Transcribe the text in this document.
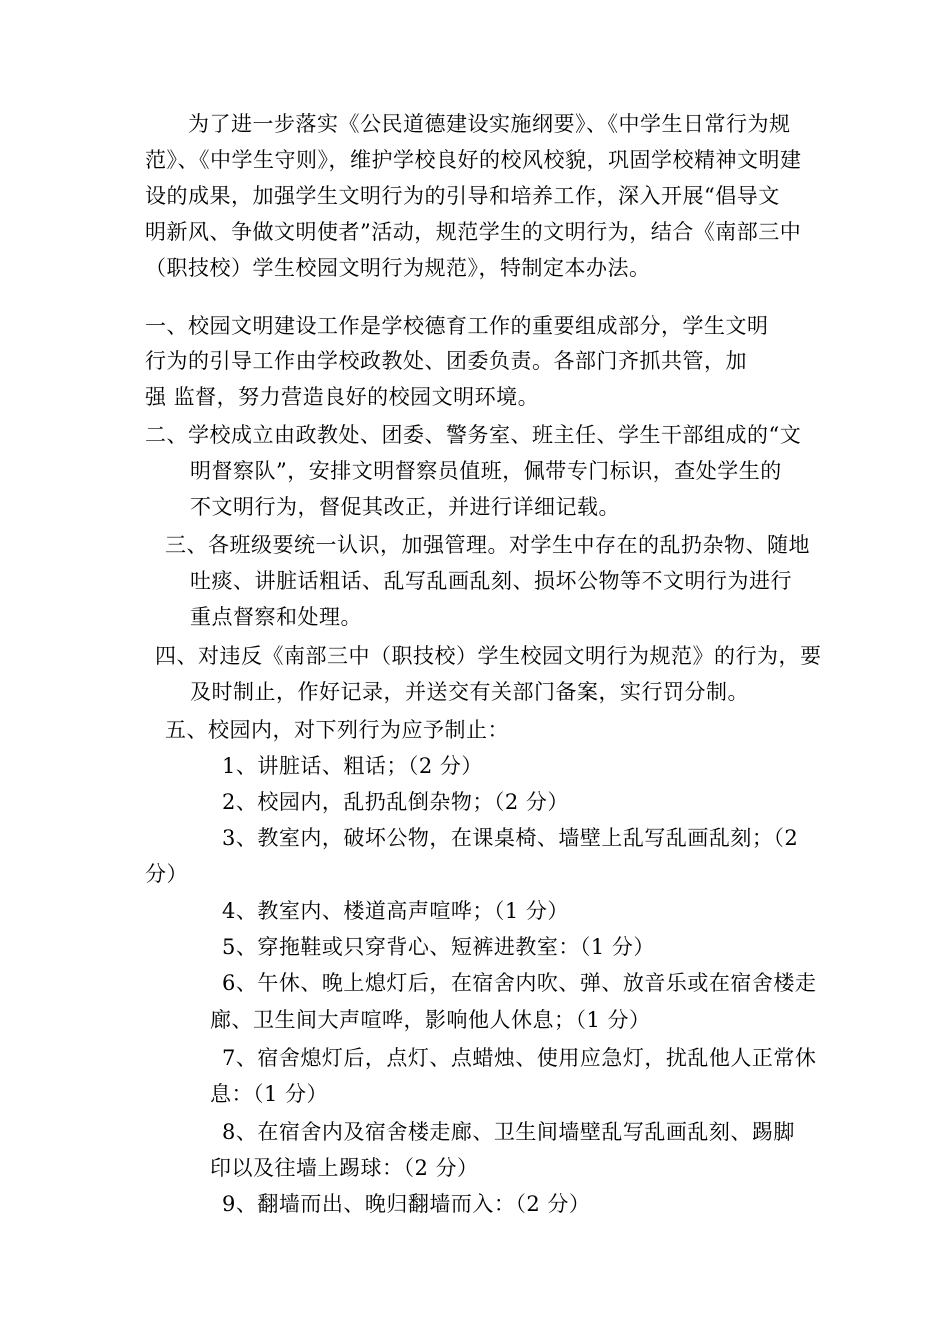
为了进一步落实《公民道德建设实施纲要》、《中学生日常行为规
范》、《中学生守则》，维护学校良好的校风校貌，巩固学校精神文明建
设的成果，加强学生文明行为的引导和培养工作，深入开展“倡导文
明新风、争做文明使者”活动，规范学生的文明行为，结合《南部三中
（职技校）学生校园文明行为规范》，特制定本办法。
一、校园文明建设工作是学校德育工作的重要组成部分，学生文明
行为的引导工作由学校政教处、团委负责。各部门齐抓共管，加
强 监督，努力营造良好的校园文明环境。
二、学校成立由政教处、团委、警务室、班主任、学生干部组成的“文
明督察队”，安排文明督察员值班，佩带专门标识，查处学生的
不文明行为，督促其改正，并进行详细记载。
三、各班级要统一认识，加强管理。对学生中存在的乱扔杂物、随地
吐痰、讲脏话粗话、乱写乱画乱刻、损坏公物等不文明行为进行
重点督察和处理。
四、对违反《南部三中（职技校）学生校园文明行为规范》的行为，要
及时制止，作好记录，并送交有关部门备案，实行罚分制。
五、校园内，对下列行为应予制止：
1、讲脏话、粗话；（2 分）
2、校园内，乱扔乱倒杂物；（2 分）
3、教室内，破坏公物，在课桌椅、墙壁上乱写乱画乱刻；（2
分）
4、教室内、楼道高声喧哗；（1 分）
5、穿拖鞋或只穿背心、短裤进教室：（1 分）
6、午休、晚上熄灯后，在宿舍内吹、弹、放音乐或在宿舍楼走
廊、卫生间大声喧哗，影响他人休息；（1 分）
7、宿舍熄灯后，点灯、点蜡烛、使用应急灯，扰乱他人正常休
息：（1 分）
8、在宿舍内及宿舍楼走廊、卫生间墙壁乱写乱画乱刻、踢脚
印以及往墙上踢球：（2 分）
9、翻墙而出、晚归翻墙而入：（2 分）
